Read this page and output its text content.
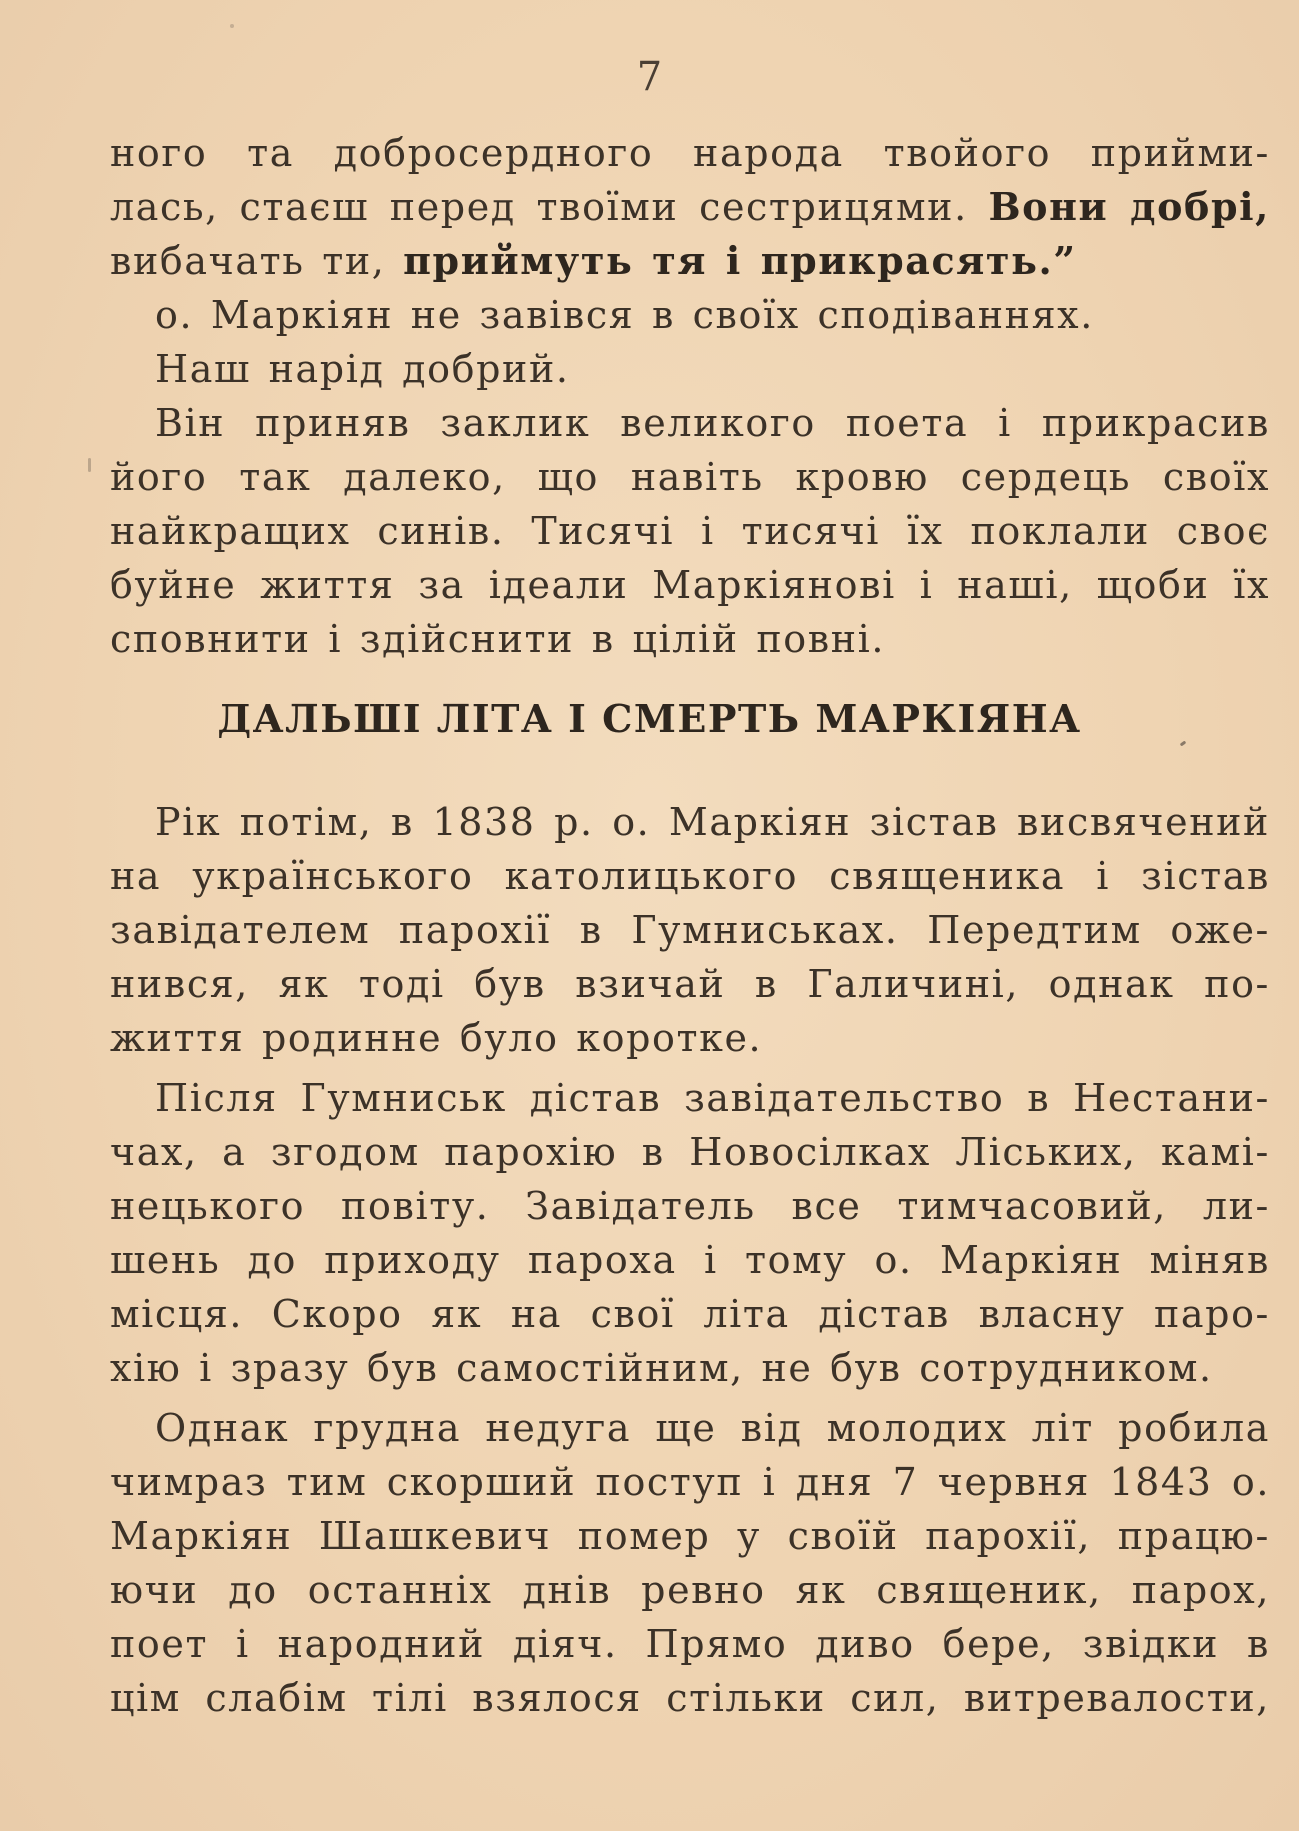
7
ного та добросердного народа твойого прийми-
лась, стаєш перед твоїми сестрицями. Вони добрі,
вибачать ти, приймуть тя і прикрасять.”
о. Маркіян не завівся в своїх сподіваннях.
Наш нарід добрий.
Він приняв заклик великого поета і прикрасив
його так далеко, що навіть кровю сердець своїх
найкращих синів. Тисячі і тисячі їх поклали своє
буйне життя за ідеали Маркіянові і наші, щоби їх
сповнити і здійснити в цілій повні.
ДАЛЬШІ ЛІТА І СМЕРТЬ МАРКІЯНА
Рік потім, в 1838 р. о. Маркіян зістав висвячений
на українського католицького священика і зістав
завідателем парохії в Гумниськах. Передтим оже-
нився, як тоді був взичай в Галичині, однак по-
життя родинне було коротке.
Після Гумниськ дістав завідательство в Нестани-
чах, а згодом парохію в Новосілках Ліських, камі-
нецького повіту. Завідатель все тимчасовий, ли-
шень до приходу пароха і тому о. Маркіян міняв
місця. Скоро як на свої літа дістав власну паро-
хію і зразу був самостійним, не був сотрудником.
Однак грудна недуга ще від молодих літ робила
чимраз тим скорший поступ і дня 7 червня 1843 о.
Маркіян Шашкевич помер у своїй парохії, працю-
ючи до останніх днів ревно як священик, парох,
поет і народний діяч. Прямо диво бере, звідки в
цім слабім тілі взялося стільки сил, витревалости,
